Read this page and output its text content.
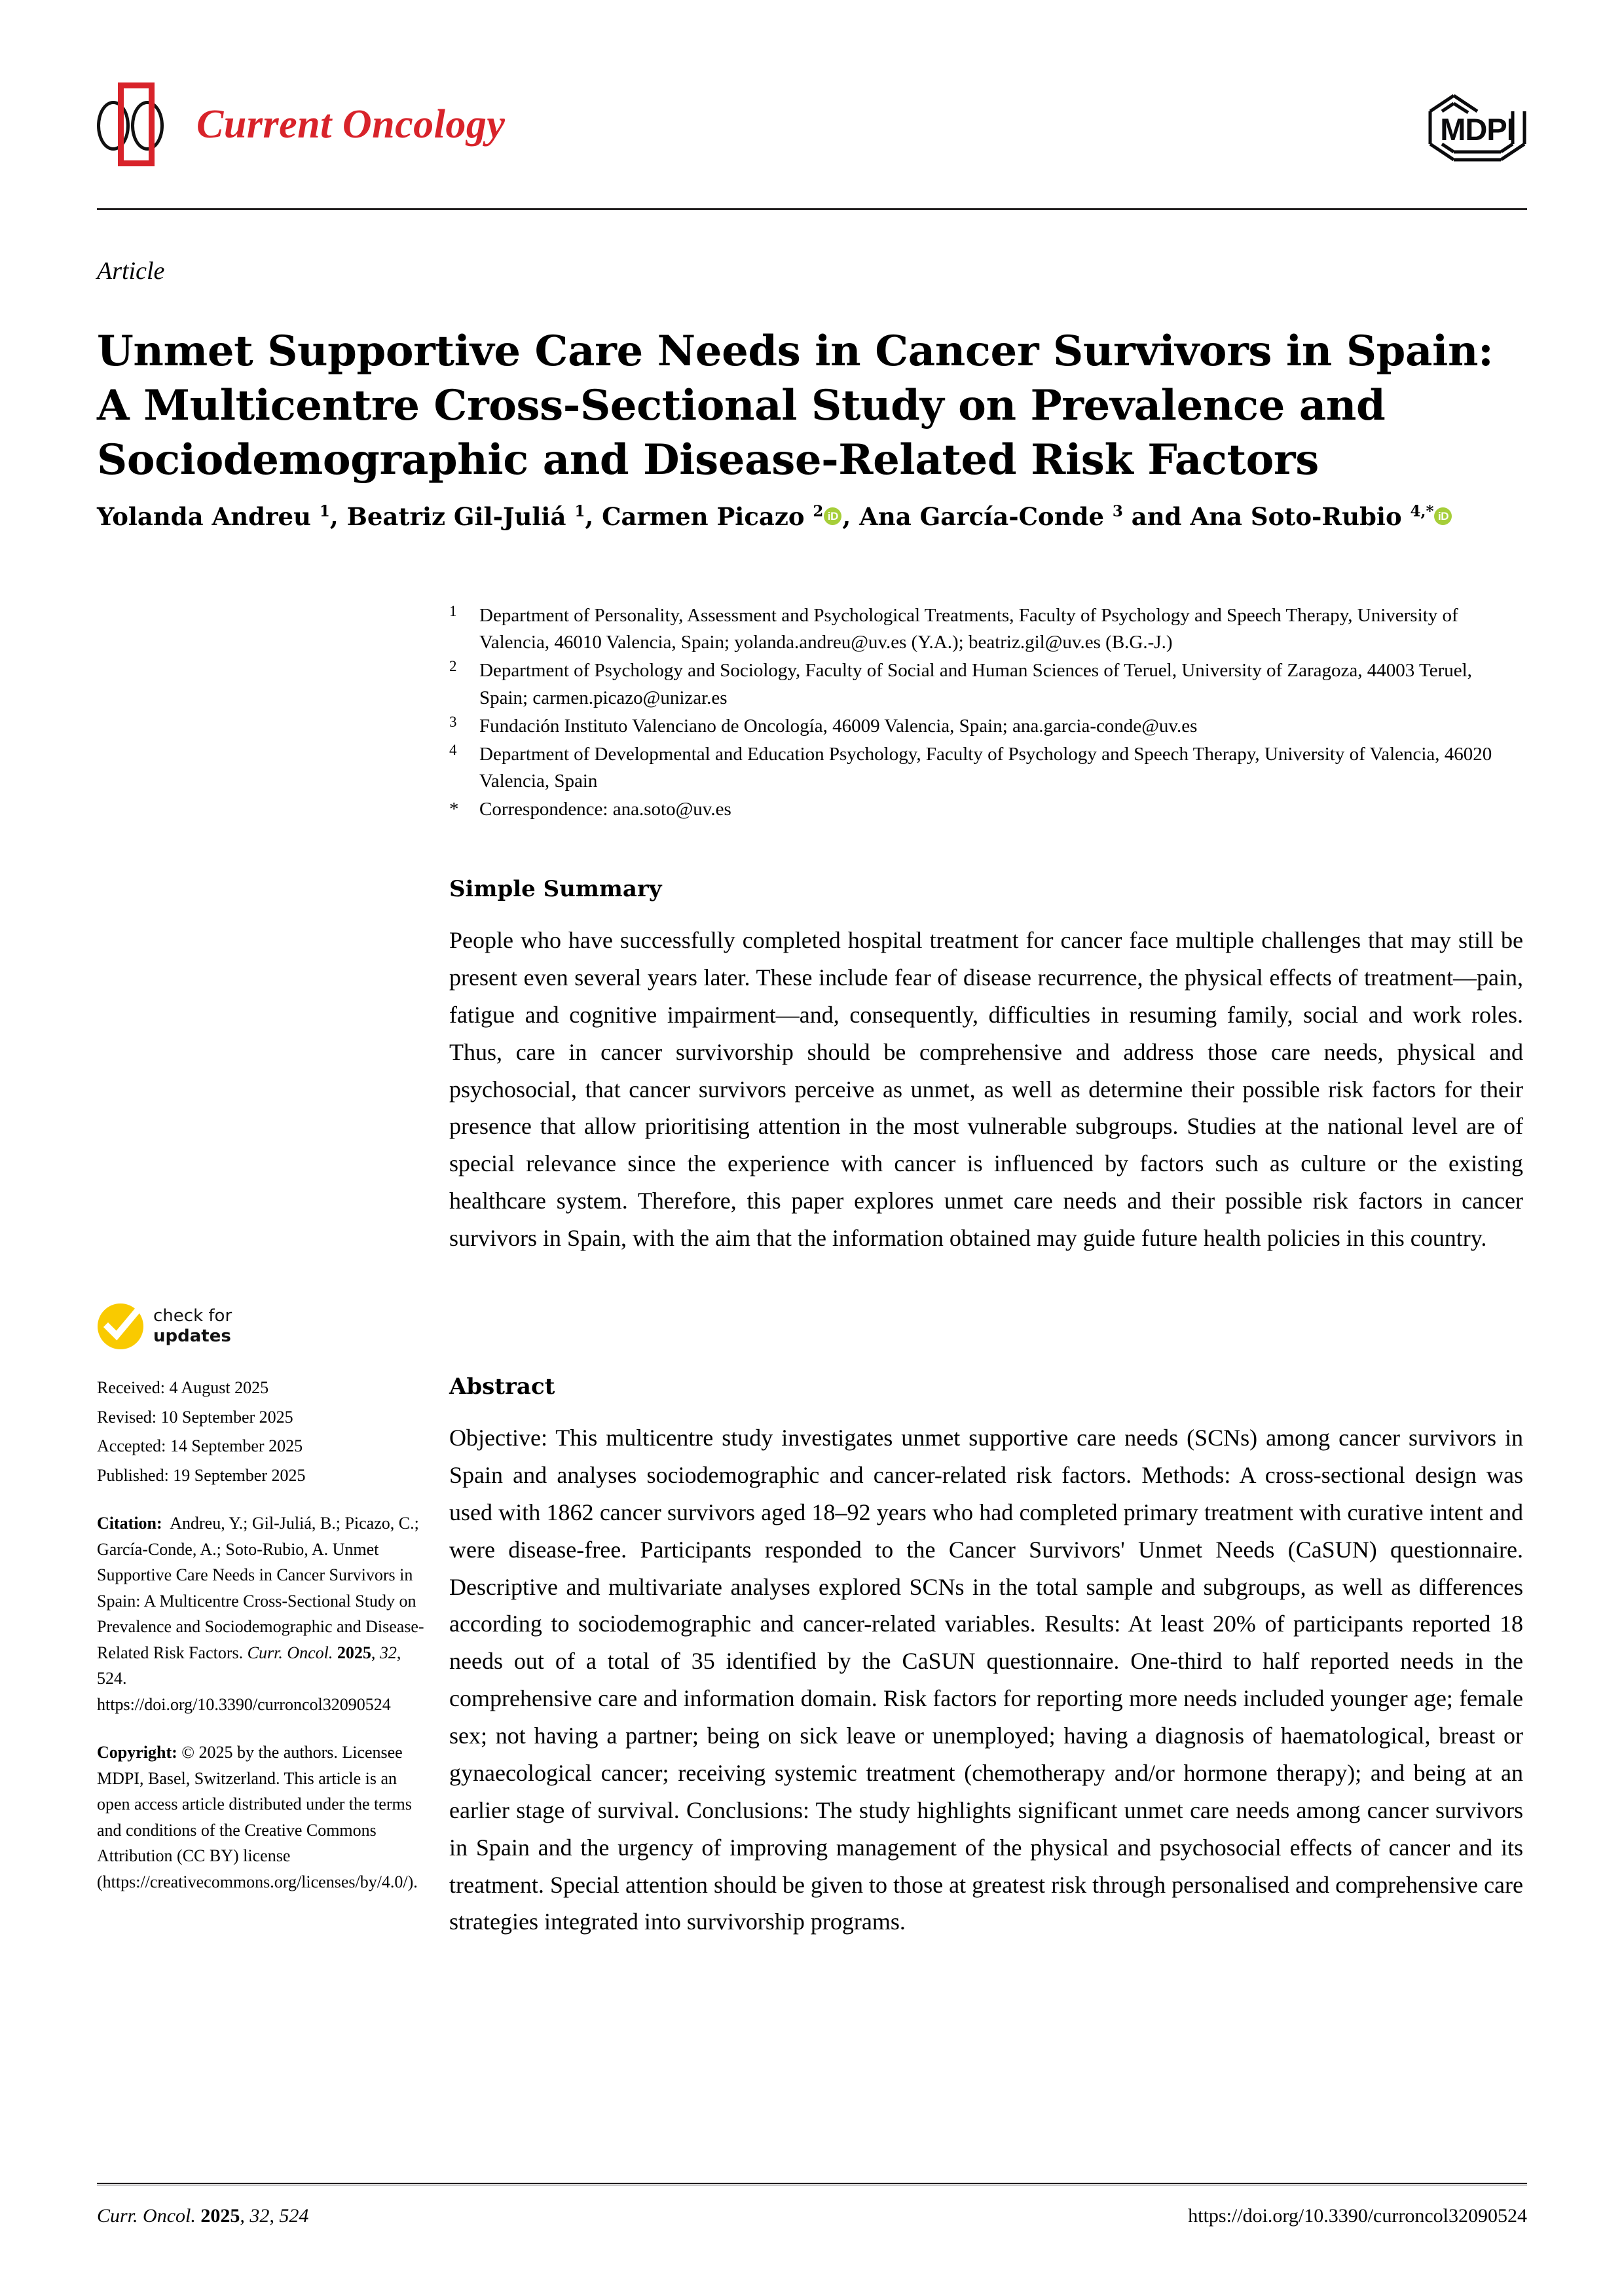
Current Oncology	MDPI
Article
Unmet Supportive Care Needs in Cancer Survivors in Spain: A Multicentre Cross-Sectional Study on Prevalence and Sociodemographic and Disease-Related Risk Factors
Yolanda Andreu $^1$, Beatriz Gil-Juliá $^1$, Carmen Picazo $^2$ iD , Ana García-Conde $^3$ and Ana Soto-Rubio $^{4,*}$ iD
1	Department of Personality, Assessment and Psychological Treatments, Faculty of Psychology and Speech Therapy, University of Valencia, 46010 Valencia, Spain; yolanda.andreu@uv.es (Y.A.); beatriz.gil@uv.es (B.G.-J.)
2	Department of Psychology and Sociology, Faculty of Social and Human Sciences of Teruel, University of Zaragoza, 44003 Teruel, Spain; carmen.picazo@unizar.es
3	Fundación Instituto Valenciano de Oncología, 46009 Valencia, Spain; ana.garcia-conde@uv.es
4	Department of Developmental and Education Psychology, Faculty of Psychology and Speech Therapy, University of Valencia, 46020 Valencia, Spain
*	Correspondence: ana.soto@uv.es
Simple Summary
People who have successfully completed hospital treatment for cancer face multiple challenges that may still be present even several years later. These include fear of disease recurrence, the physical effects of treatment—pain, fatigue and cognitive impairment—and, consequently, difficulties in resuming family, social and work roles. Thus, care in cancer survivorship should be comprehensive and address those care needs, physical and psychosocial, that cancer survivors perceive as unmet, as well as determine their possible risk factors for their presence that allow prioritising attention in the most vulnerable subgroups. Studies at the national level are of special relevance since the experience with cancer is influenced by factors such as culture or the existing healthcare system. Therefore, this paper explores unmet care needs and their possible risk factors in cancer survivors in Spain, with the aim that the information obtained may guide future health policies in this country.
Abstract
Objective: This multicentre study investigates unmet supportive care needs (SCNs) among cancer survivors in Spain and analyses sociodemographic and cancer-related risk factors. Methods: A cross-sectional design was used with 1862 cancer survivors aged 18–92 years who had completed primary treatment with curative intent and were disease-free. Participants responded to the Cancer Survivors' Unmet Needs (CaSUN) questionnaire. Descriptive and multivariate analyses explored SCNs in the total sample and subgroups, as well as differences according to sociodemographic and cancer-related variables. Results: At least 20% of participants reported 18 needs out of a total of 35 identified by the CaSUN questionnaire. One-third to half reported needs in the comprehensive care and information domain. Risk factors for reporting more needs included younger age; female sex; not having a partner; being on sick leave or unemployed; having a diagnosis of haematological, breast or gynaecological cancer; receiving systemic treatment (chemotherapy and/or hormone therapy); and being at an earlier stage of survival. Conclusions: The study highlights significant unmet care needs among cancer survivors in Spain and the urgency of improving management of the physical and psychosocial effects of cancer and its treatment. Special attention should be given to those at greatest risk through personalised and comprehensive care strategies integrated into survivorship programs.
check for
updates
Received: 4 August 2025
Revised: 10 September 2025
Accepted: 14 September 2025
Published: 19 September 2025
Citation:  Andreu, Y.; Gil-Juliá, B.; Picazo, C.; García-Conde, A.; Soto-Rubio, A. Unmet Supportive Care Needs in Cancer Survivors in Spain: A Multicentre Cross-Sectional Study on Prevalence and Sociodemographic and Disease-Related Risk Factors. Curr. Oncol. 2025, 32, 524. https://doi.org/10.3390/curroncol32090524
Copyright: © 2025 by the authors. Licensee MDPI, Basel, Switzerland. This article is an open access article distributed under the terms and conditions of the Creative Commons Attribution (CC BY) license (https://creativecommons.org/licenses/by/4.0/).
Curr. Oncol. 2025, 32, 524	https://doi.org/10.3390/curroncol32090524
